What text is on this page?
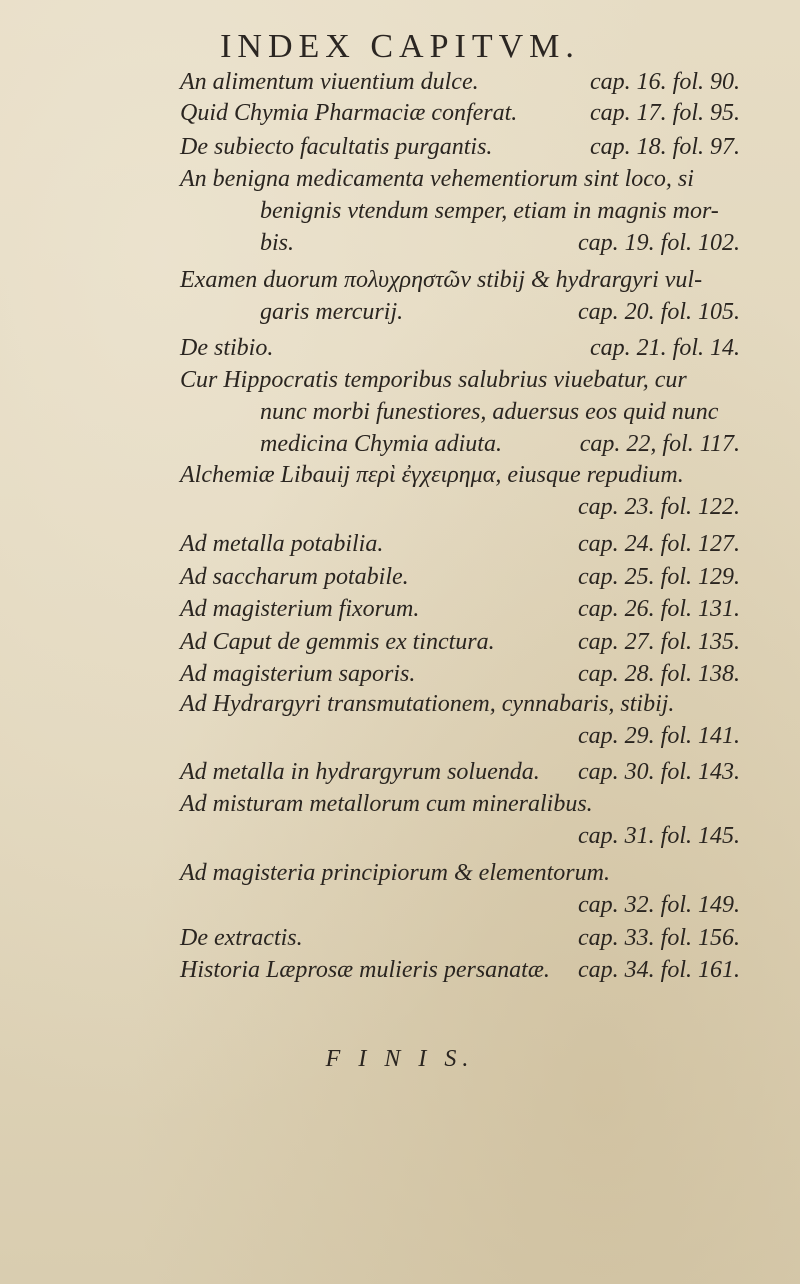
INDEX CAPITVM.
An alimentum viuentium dulce.	cap. 16. fol. 90.
Quid Chymia Pharmaciæ conferat.	cap. 17. fol. 95.
De subiecto facultatis purgantis.	cap. 18. fol. 97.
An benigna medicamenta vehementiorum sint loco, si
benignis vtendum semper, etiam in magnis mor-
bis.	cap. 19. fol. 102.
Examen duorum πολυχρηστῶν stibij & hydrargyri vul-
garis mercurij.	cap. 20. fol. 105.
De stibio.	cap. 21. fol. 14.
Cur Hippocratis temporibus salubrius viuebatur, cur
nunc morbi funestiores, aduersus eos quid nunc
medicina Chymia adiuta.	cap. 22, fol. 117.
Alchemiæ Libauij περὶ ἐγχειρημα, eiusque repudium.

cap. 23. fol. 122.
Ad metalla potabilia.	cap. 24. fol. 127.
Ad saccharum potabile.	cap. 25. fol. 129.
Ad magisterium fixorum.	cap. 26. fol. 131.
Ad Caput de gemmis ex tinctura.	cap. 27. fol. 135.
Ad magisterium saporis.	cap. 28. fol. 138.
Ad Hydrargyri transmutationem, cynnabaris, stibij.

cap. 29. fol. 141.
Ad metalla in hydrargyrum soluenda.	cap. 30. fol. 143.
Ad misturam metallorum cum mineralibus.

cap. 31. fol. 145.
Ad magisteria principiorum & elementorum.

cap. 32. fol. 149.
De extractis.	cap. 33. fol. 156.
Historia Læprosæ mulieris persanatæ.	cap. 34. fol. 161.
F I N I S.
